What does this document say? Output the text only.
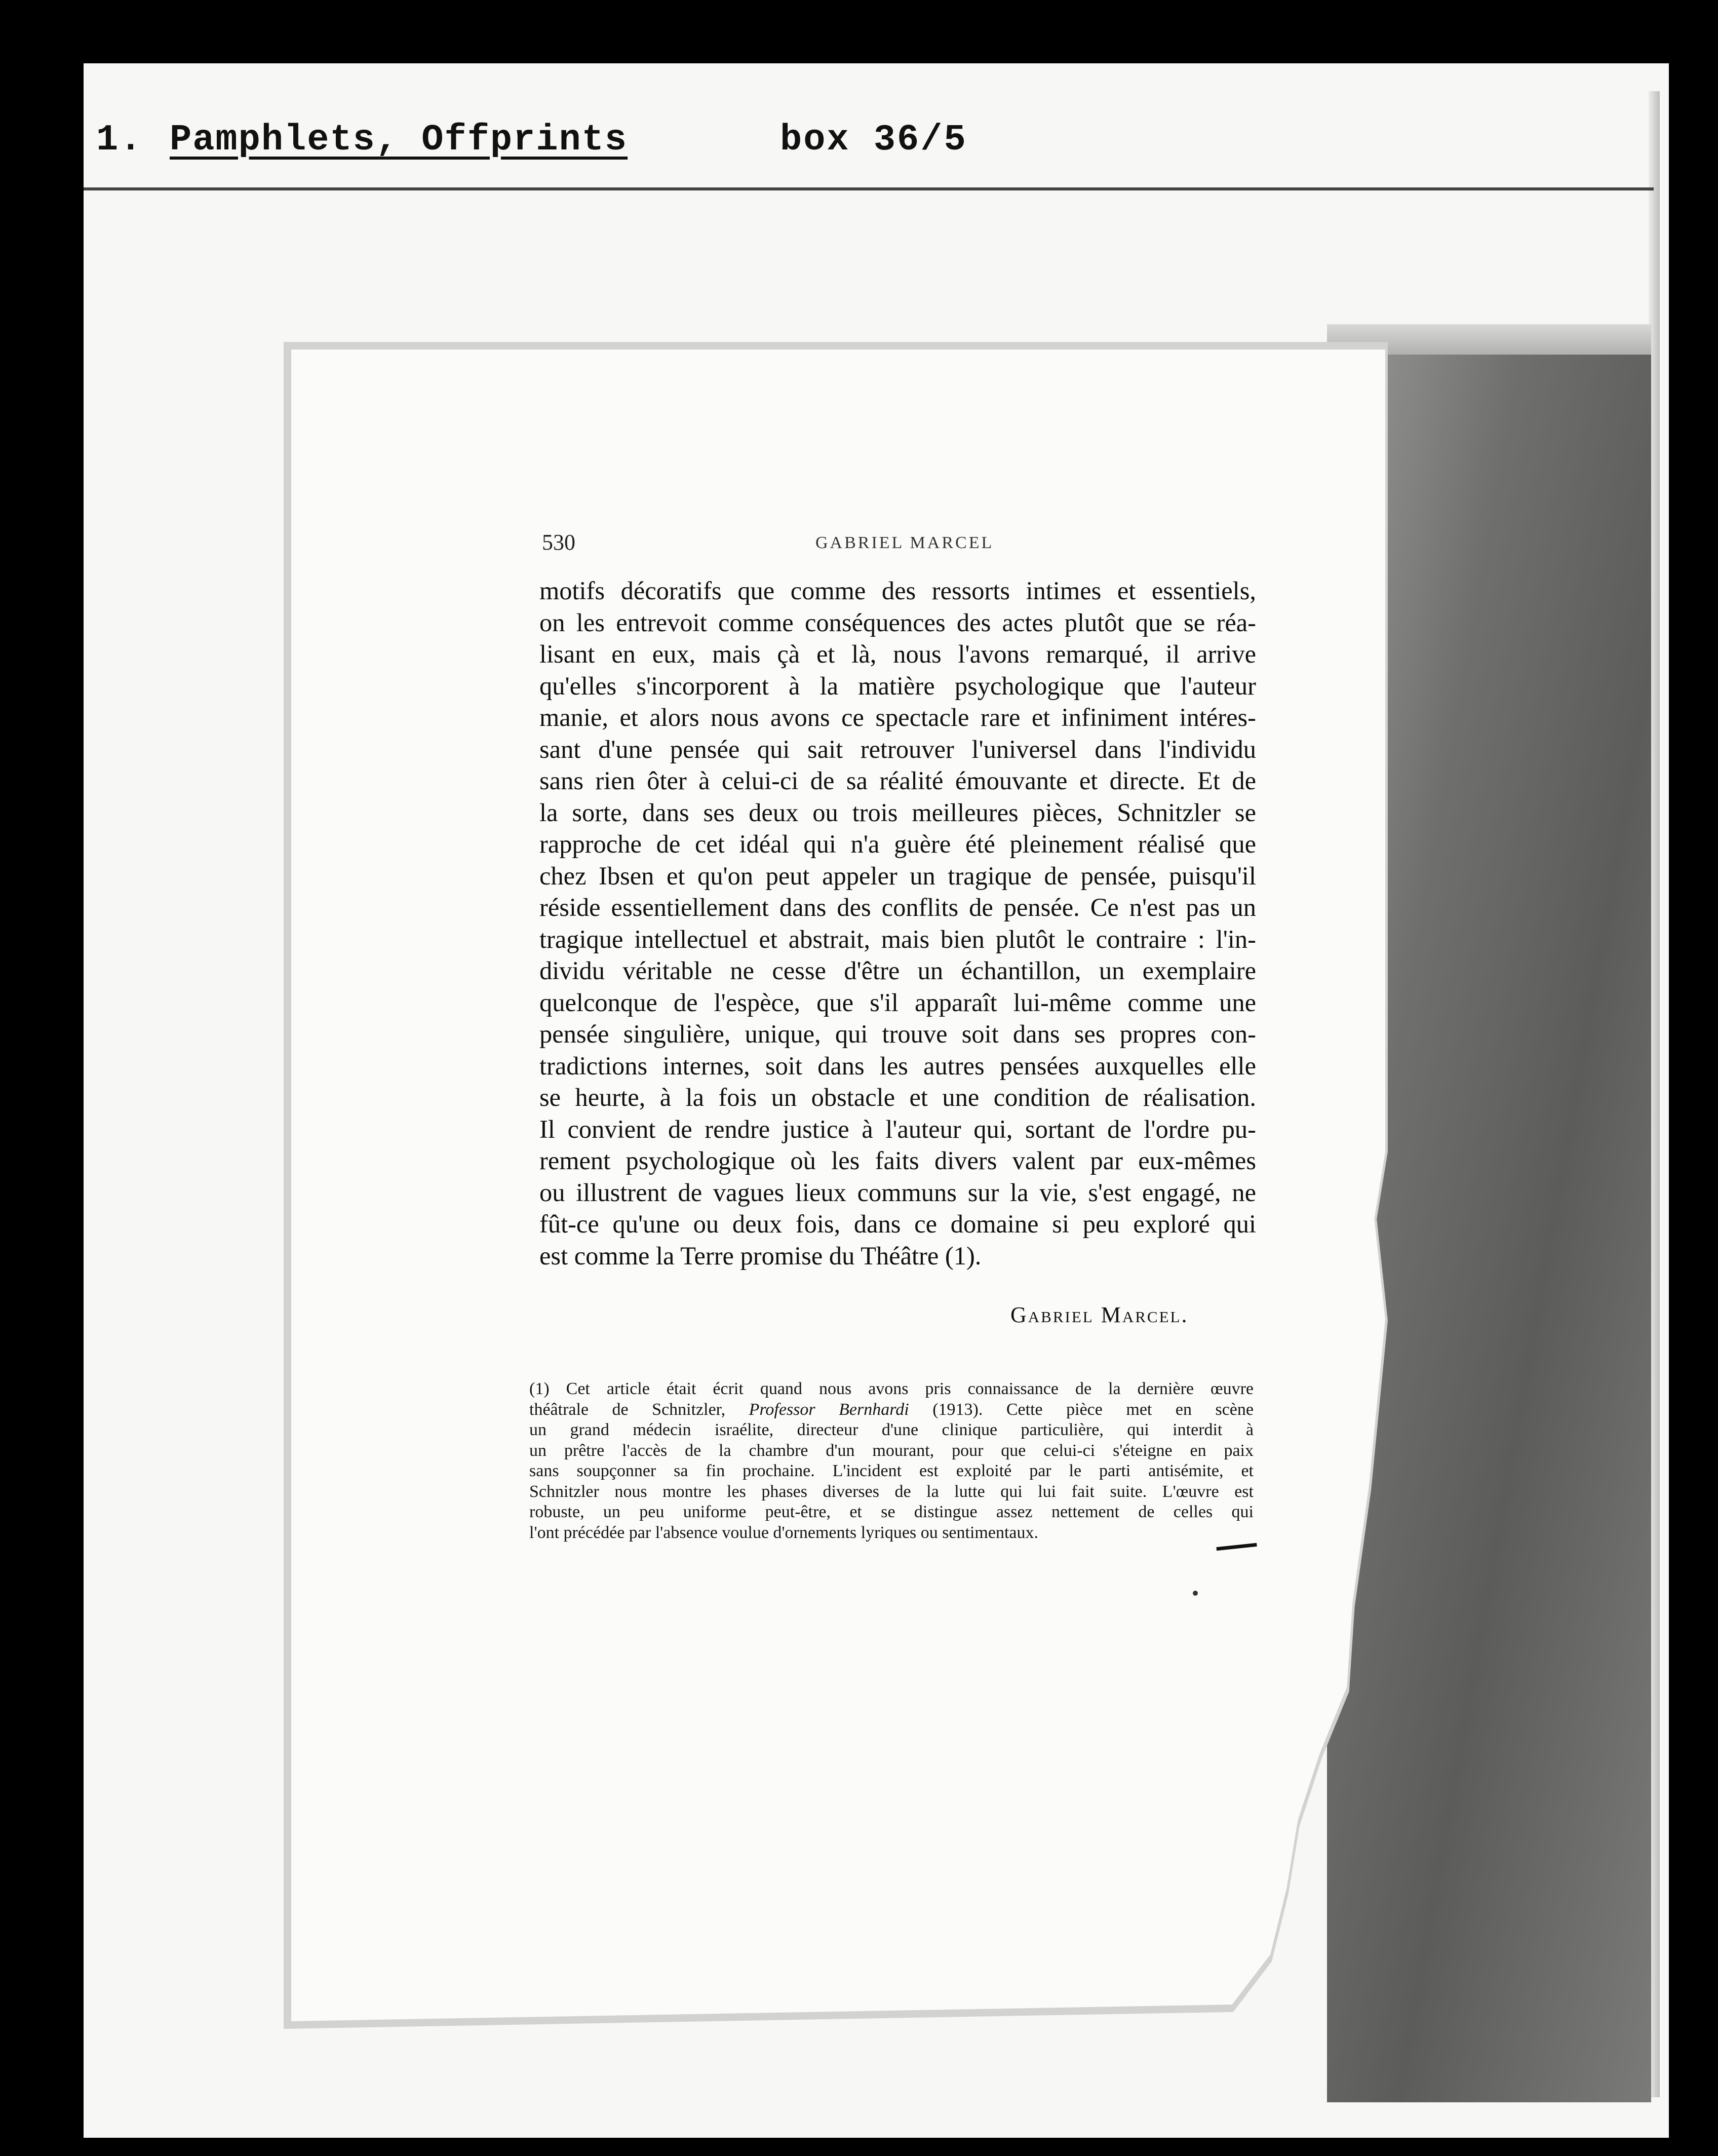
1. Pamphlets, Offprints	box 36/5
530	GABRIEL MARCEL
motifs décoratifs que comme des ressorts intimes et essentiels,
on les entrevoit comme conséquences des actes plutôt que se réa-
lisant en eux, mais çà et là, nous l'avons remarqué, il arrive
qu'elles s'incorporent à la matière psychologique que l'auteur
manie, et alors nous avons ce spectacle rare et infiniment intéres-
sant d'une pensée qui sait retrouver l'universel dans l'individu
sans rien ôter à celui-ci de sa réalité émouvante et directe. Et de
la sorte, dans ses deux ou trois meilleures pièces, Schnitzler se
rapproche de cet idéal qui n'a guère été pleinement réalisé que
chez Ibsen et qu'on peut appeler un tragique de pensée, puisqu'il
réside essentiellement dans des conflits de pensée. Ce n'est pas un
tragique intellectuel et abstrait, mais bien plutôt le contraire : l'in-
dividu véritable ne cesse d'être un échantillon, un exemplaire
quelconque de l'espèce, que s'il apparaît lui-même comme une
pensée singulière, unique, qui trouve soit dans ses propres con-
tradictions internes, soit dans les autres pensées auxquelles elle
se heurte, à la fois un obstacle et une condition de réalisation.
Il convient de rendre justice à l'auteur qui, sortant de l'ordre pu-
rement psychologique où les faits divers valent par eux-mêmes
ou illustrent de vagues lieux communs sur la vie, s'est engagé, ne
fût-ce qu'une ou deux fois, dans ce domaine si peu exploré qui
est comme la Terre promise du Théâtre (1).
Gabriel Marcel.
(1) Cet article était écrit quand nous avons pris connaissance de la dernière œuvre
théâtrale de Schnitzler, Professor Bernhardi (1913). Cette pièce met en scène
un grand médecin israélite, directeur d'une clinique particulière, qui interdit à
un prêtre l'accès de la chambre d'un mourant, pour que celui-ci s'éteigne en paix
sans soupçonner sa fin prochaine. L'incident est exploité par le parti antisémite, et
Schnitzler nous montre les phases diverses de la lutte qui lui fait suite. L'œuvre est
robuste, un peu uniforme peut-être, et se distingue assez nettement de celles qui
l'ont précédée par l'absence voulue d'ornements lyriques ou sentimentaux.
